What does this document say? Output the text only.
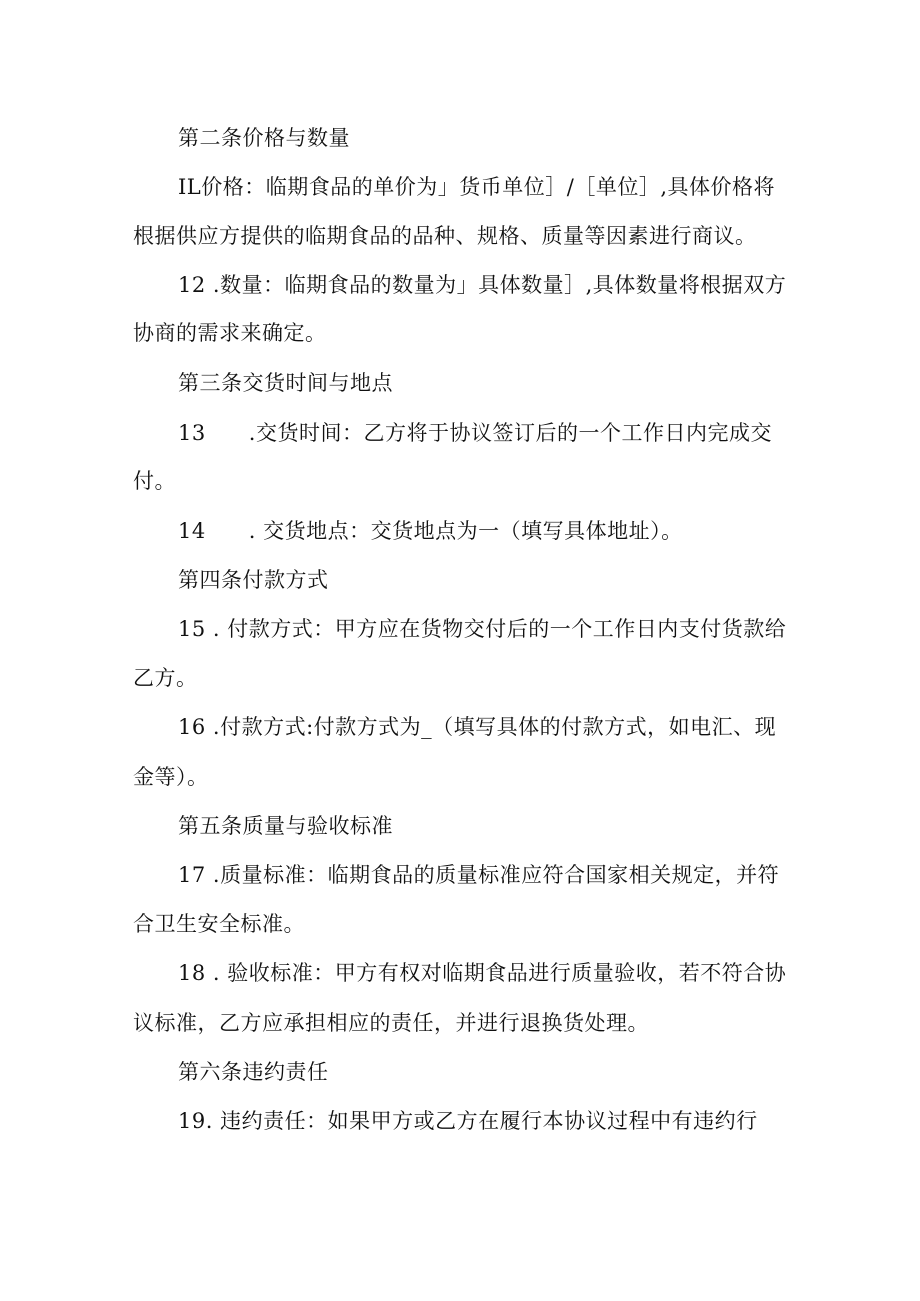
第二条价格与数量
IL价格：临期食品的单价为」货币单位］/［单位］,具体价格将
根据供应方提供的临期食品的品种、规格、质量等因素进行商议。
12 .数量：临期食品的数量为」具体数量］,具体数量将根据双方
协商的需求来确定。
第三条交货时间与地点
13      .交货时间：乙方将于协议签订后的一个工作日内完成交
付。
14      . 交货地点：交货地点为一（填写具体地址）。
第四条付款方式
15 . 付款方式：甲方应在货物交付后的一个工作日内支付货款给
乙方。
16 .付款方式:付款方式为_（填写具体的付款方式，如电汇、现
金等）。
第五条质量与验收标准
17 .质量标准：临期食品的质量标准应符合国家相关规定，并符
合卫生安全标准。
18 . 验收标准：甲方有权对临期食品进行质量验收，若不符合协
议标准，乙方应承担相应的责任，并进行退换货处理。
第六条违约责任
19. 违约责任：如果甲方或乙方在履行本协议过程中有违约行
